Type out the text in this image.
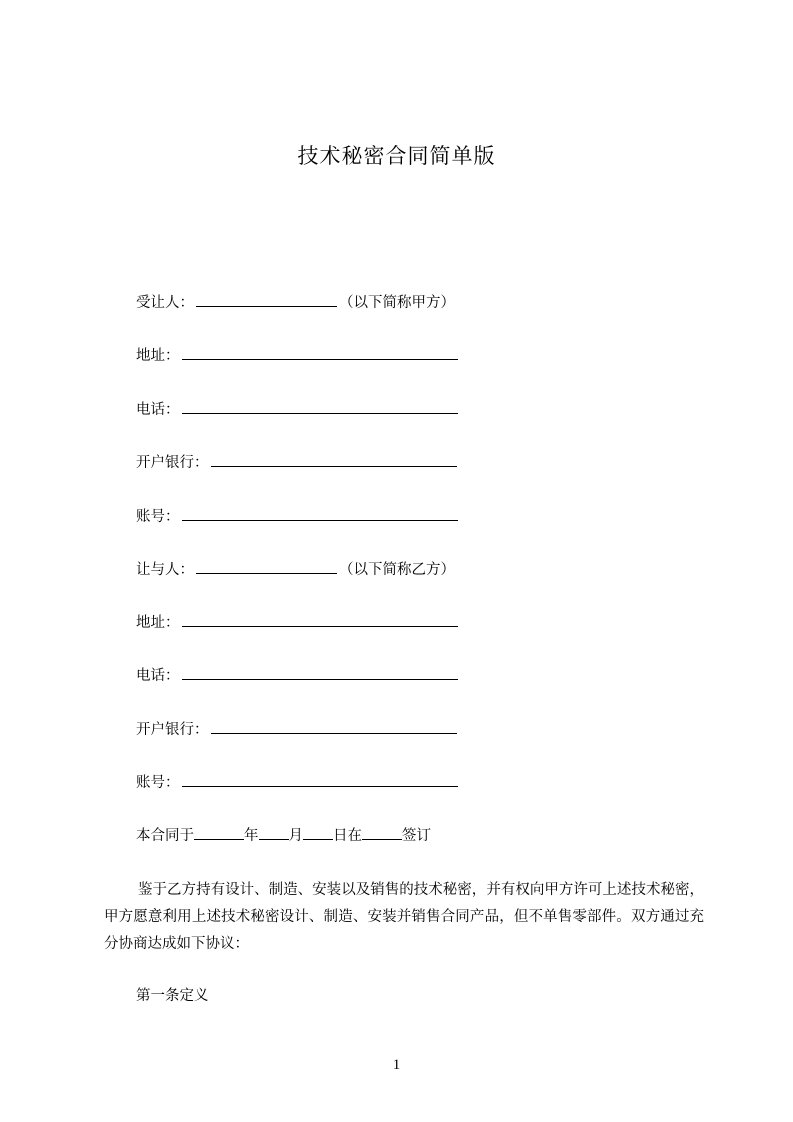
技术秘密合同简单版
受让人：	（以下简称甲方）
地址：
电话：
开户银行：
账号：
让与人：	（以下简称乙方）
地址：
电话：
开户银行：
账号：
本合同于	年 月 日在	签订
鉴于乙方持有设计、制造、安装以及销售的技术秘密，并有权向甲方许可上述技术秘密，甲方愿意利用上述技术秘密设计、制造、安装并销售合同产品，但不单售零部件。双方通过充分协商达成如下协议：
第一条定义
1
